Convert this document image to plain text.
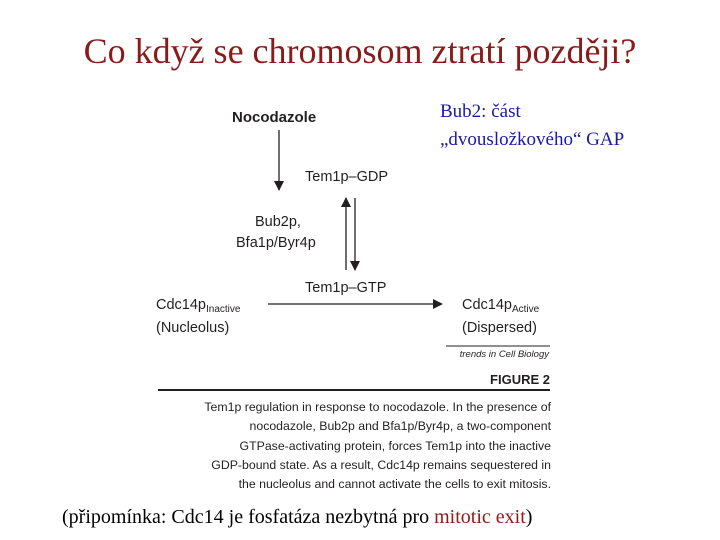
Co když se chromosom ztratí později?
Bub2: část
„dvousložkového“ GAP
Nocodazole
Tem1p–GDP
Bub2p,
Bfa1p/Byr4p
Tem1p–GTP
$Cdc14p_{Inactive}$
(Nucleolus)
$Cdc14p_{Active}$
(Dispersed)
trends in Cell Biology
FIGURE 2
Tem1p regulation in response to nocodazole. In the presence of
nocodazole, Bub2p and Bfa1p/Byr4p, a two-component
GTPase-activating protein, forces Tem1p into the inactive
GDP-bound state. As a result, Cdc14p remains sequestered in
the nucleolus and cannot activate the cells to exit mitosis.
(připomínka: Cdc14 je fosfatáza nezbytná pro mitotic exit)
